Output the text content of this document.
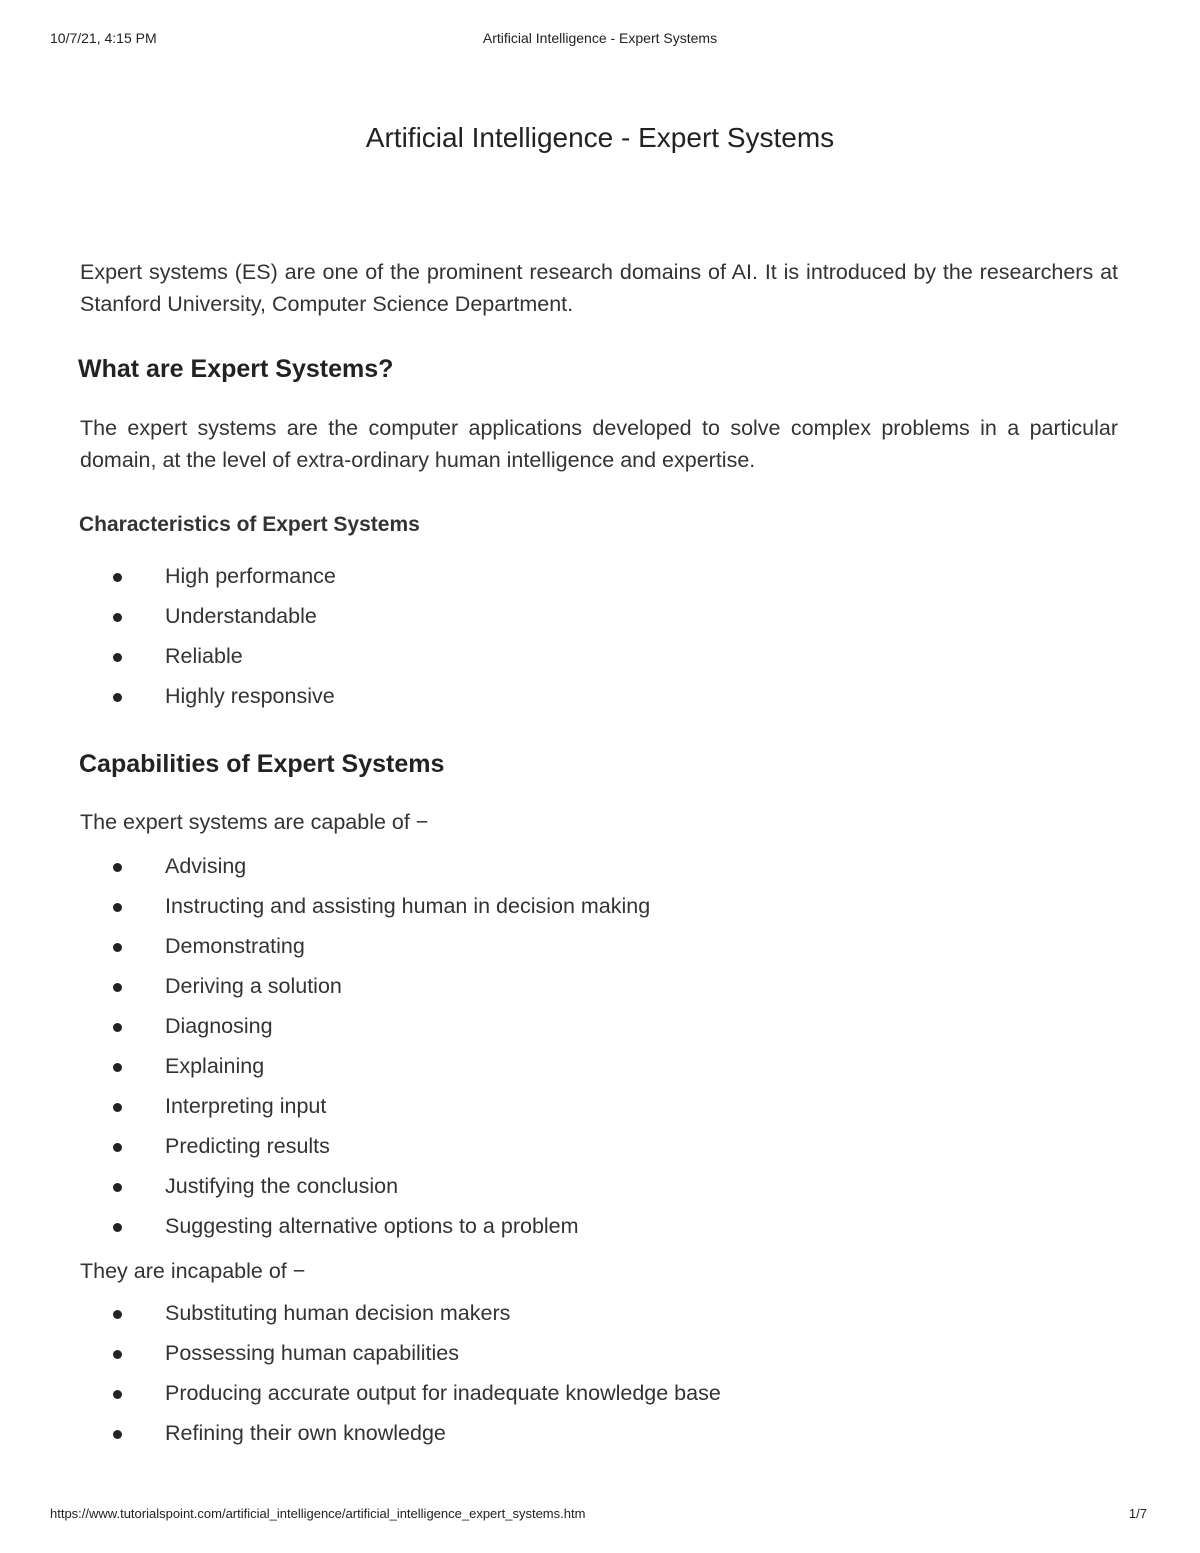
10/7/21, 4:15 PM	Artificial Intelligence - Expert Systems
Artificial Intelligence - Expert Systems

Expert systems (ES) are one of the prominent research domains of AI. It is introduced by the researchers at Stanford University, Computer Science Department.

What are Expert Systems?

The expert systems are the computer applications developed to solve complex problems in a particular domain, at the level of extra-ordinary human intelligence and expertise.

Characteristics of Expert Systems
High performance
Understandable
Reliable
Highly responsive
Capabilities of Expert Systems

The expert systems are capable of −

Advising
Instructing and assisting human in decision making
Demonstrating
Deriving a solution
Diagnosing
Explaining
Interpreting input
Predicting results
Justifying the conclusion
Suggesting alternative options to a problem

They are incapable of −

Substituting human decision makers
Possessing human capabilities
Producing accurate output for inadequate knowledge base
Refining their own knowledge
https://www.tutorialspoint.com/artificial_intelligence/artificial_intelligence_expert_systems.htm	1/7
